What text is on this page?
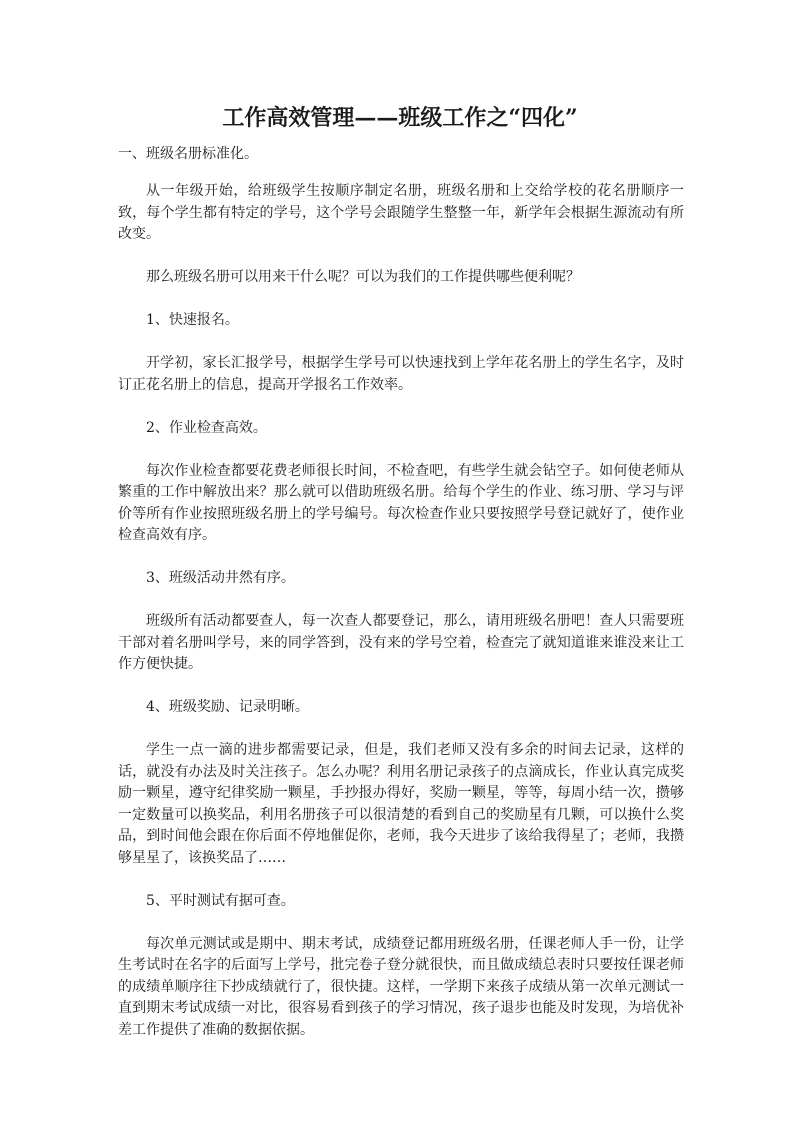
工作高效管理——班级工作之“四化”

一、班级名册标准化。

从一年级开始，给班级学生按顺序制定名册，班级名册和上交给学校的花名册顺序一致，每个学生都有特定的学号，这个学号会跟随学生整整一年，新学年会根据生源流动有所改变。

那么班级名册可以用来干什么呢？可以为我们的工作提供哪些便利呢？

1、快速报名。

开学初，家长汇报学号，根据学生学号可以快速找到上学年花名册上的学生名字，及时订正花名册上的信息，提高开学报名工作效率。

2、作业检查高效。

每次作业检查都要花费老师很长时间，不检查吧，有些学生就会钻空子。如何使老师从繁重的工作中解放出来？那么就可以借助班级名册。给每个学生的作业、练习册、学习与评价等所有作业按照班级名册上的学号编号。每次检查作业只要按照学号登记就好了，使作业检查高效有序。

3、班级活动井然有序。

班级所有活动都要查人，每一次查人都要登记，那么，请用班级名册吧！查人只需要班干部对着名册叫学号，来的同学答到，没有来的学号空着，检查完了就知道谁来谁没来让工作方便快捷。

4、班级奖励、记录明晰。

学生一点一滴的进步都需要记录，但是，我们老师又没有多余的时间去记录，这样的话，就没有办法及时关注孩子。怎么办呢？利用名册记录孩子的点滴成长，作业认真完成奖励一颗星，遵守纪律奖励一颗星，手抄报办得好，奖励一颗星，等等，每周小结一次，攒够一定数量可以换奖品，利用名册孩子可以很清楚的看到自己的奖励星有几颗，可以换什么奖品，到时间他会跟在你后面不停地催促你，老师，我今天进步了该给我得星了；老师，我攒够星星了，该换奖品了……

5、平时测试有据可查。

每次单元测试或是期中、期末考试，成绩登记都用班级名册，任课老师人手一份，让学生考试时在名字的后面写上学号，批完卷子登分就很快，而且做成绩总表时只要按任课老师的成绩单顺序往下抄成绩就行了，很快捷。这样，一学期下来孩子成绩从第一次单元测试一直到期末考试成绩一对比，很容易看到孩子的学习情况，孩子退步也能及时发现，为培优补差工作提供了准确的数据依据。
